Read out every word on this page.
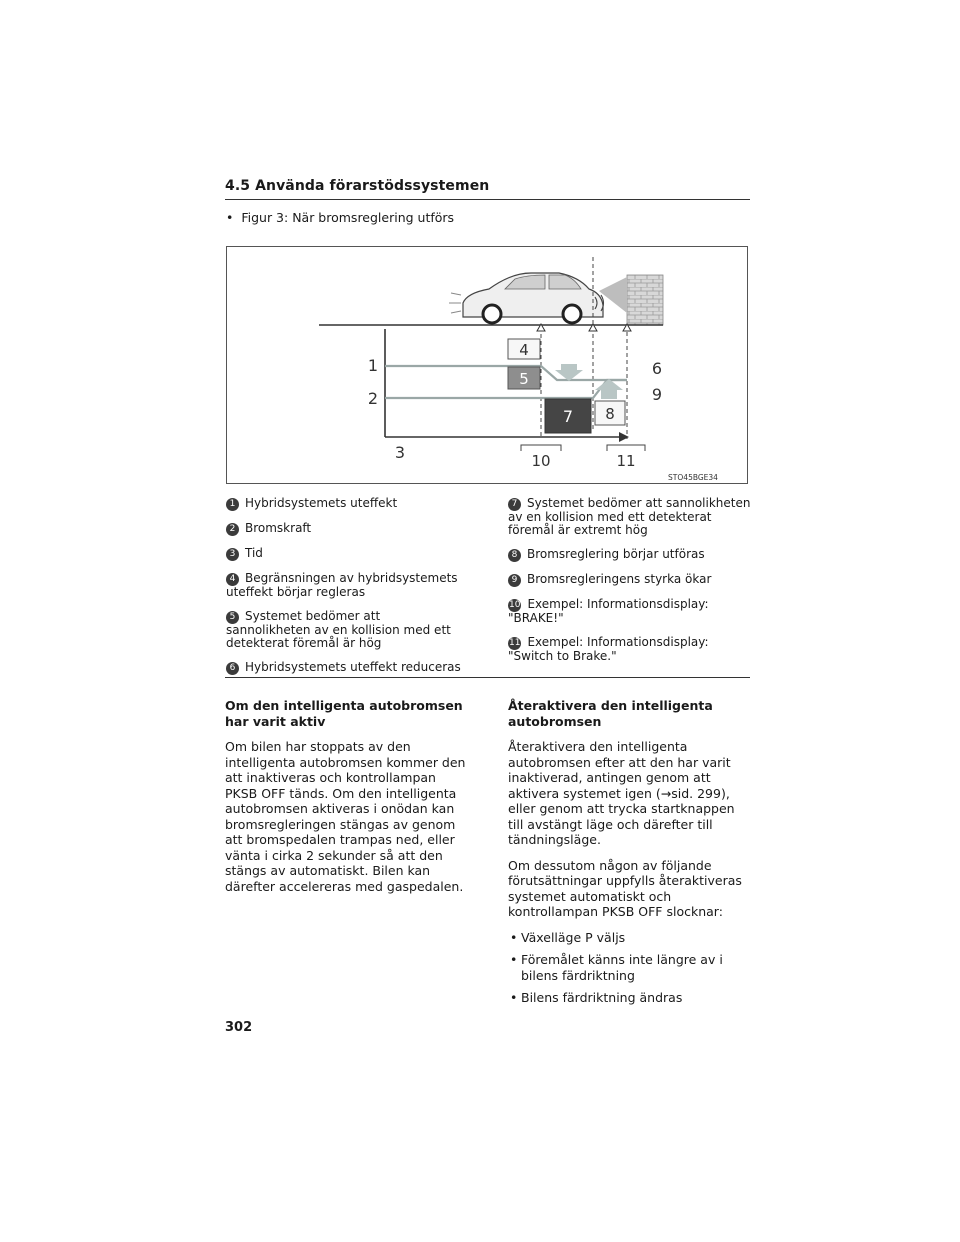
4.5 Använda förarstödssystemen
•  Figur 3: När bromsreglering utförs
1
2
3
4
5
6
7 8
9
10	11
STO45BGE34
1 Hybridsystemets uteffekt
2 Bromskraft
3 Tid
4 Begränsningen av hybridsystemets uteffekt börjar regleras
5 Systemet bedömer att sannolikheten av en kollision med ett detekterat föremål är hög
6 Hybridsystemets uteffekt reduceras
7 Systemet bedömer att sannolikheten av en kollision med ett detekterat föremål är extremt hög
8 Bromsreglering börjar utföras
9 Bromsregleringens styrka ökar
10 Exempel: Informationsdisplay: "BRAKE!"
11 Exempel: Informationsdisplay: "Switch to Brake."
Om den intelligenta autobromsen har varit aktiv

Om bilen har stoppats av den intelligenta autobromsen kommer den att inaktiveras och kontrollampan PKSB OFF tänds. Om den intelligenta autobromsen aktiveras i onödan kan bromsregleringen stängas av genom att bromspedalen trampas ned, eller vänta i cirka 2 sekunder så att den stängs av automatiskt. Bilen kan därefter accelereras med gaspedalen.

Återaktivera den intelligenta autobromsen

Återaktivera den intelligenta autobromsen efter att den har varit inaktiverad, antingen genom att aktivera systemet igen (→sid. 299), eller genom att trycka startknappen till avstängt läge och därefter till tändningsläge.

Om dessutom någon av följande förutsättningar uppfylls återaktiveras systemet automatiskt och kontrollampan PKSB OFF slocknar:

• Växelläge P väljs
• Föremålet känns inte längre av i bilens färdriktning
• Bilens färdriktning ändras
302
